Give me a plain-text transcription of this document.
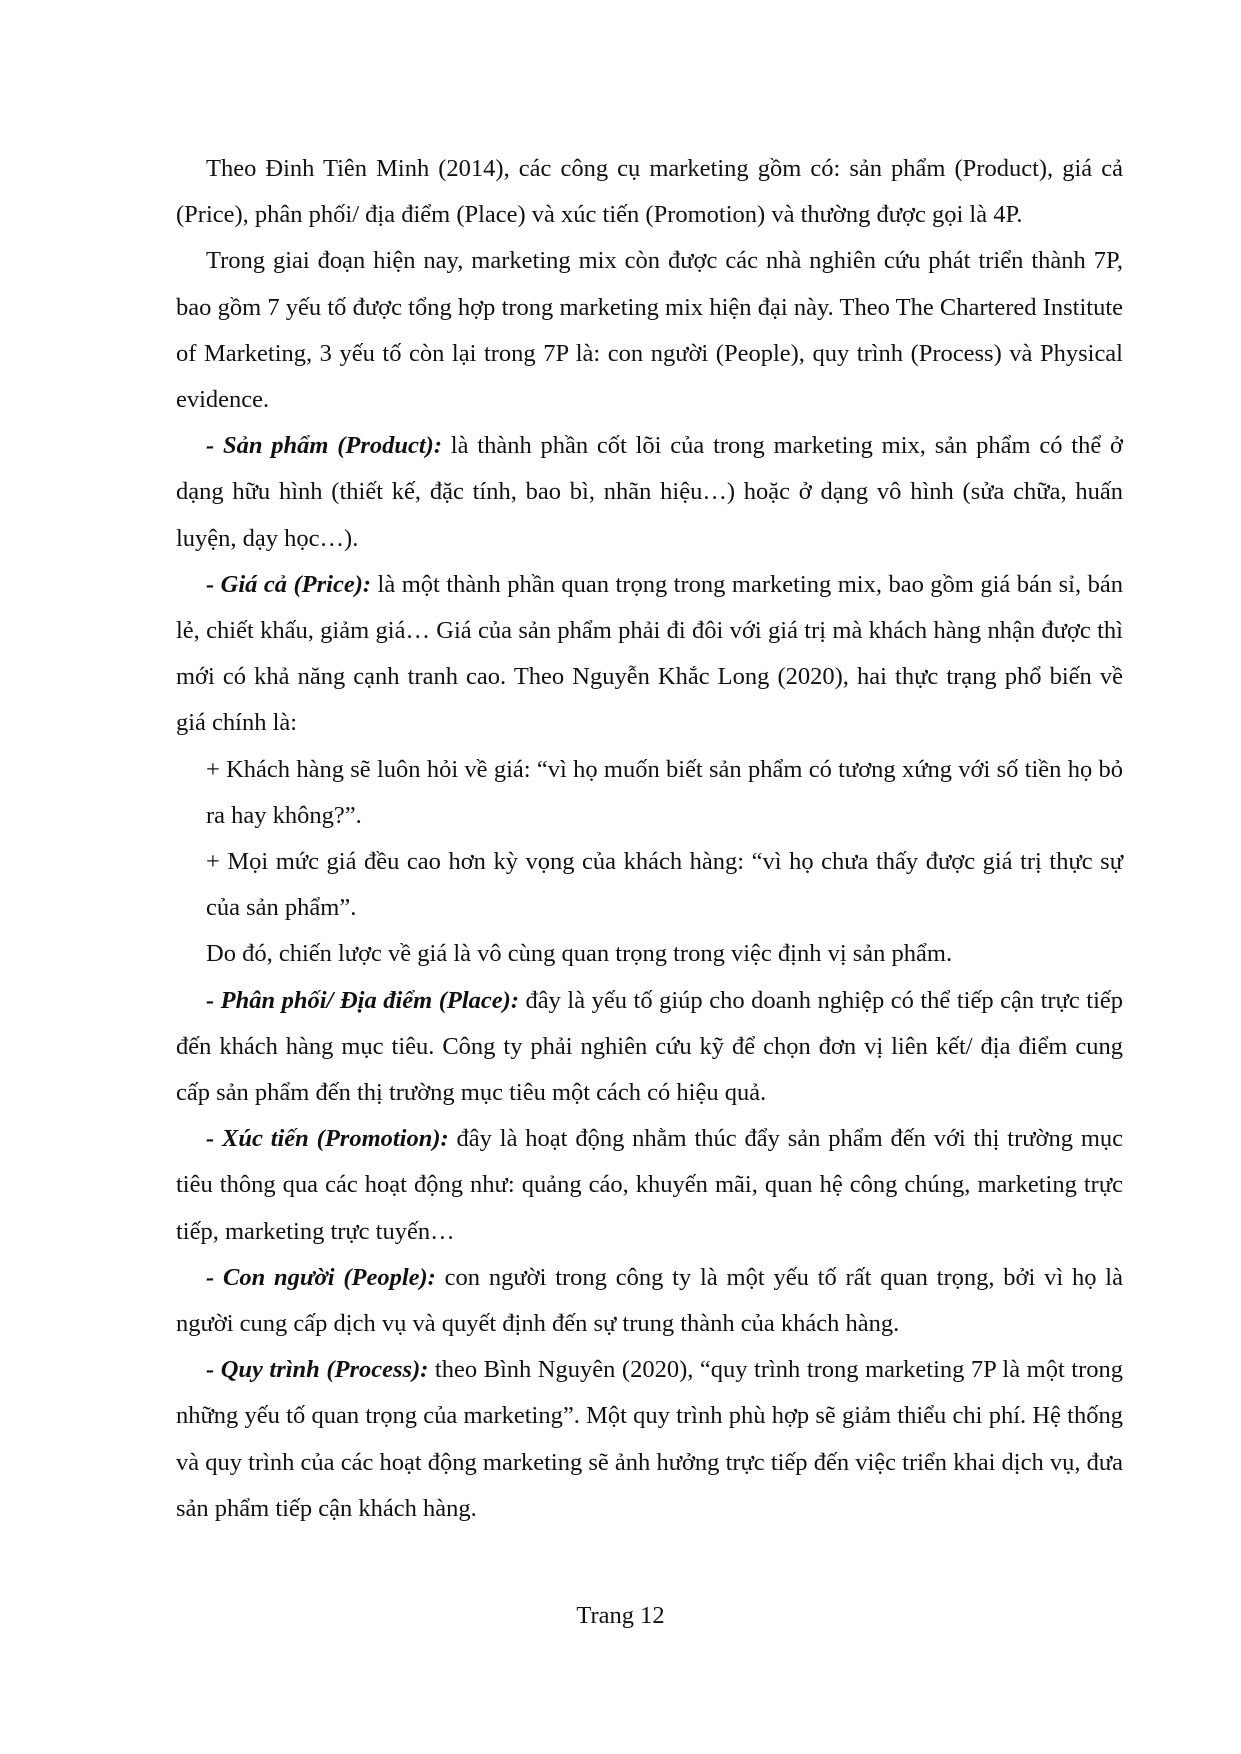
Theo Đinh Tiên Minh (2014), các công cụ marketing gồm có: sản phẩm (Product), giá cả (Price), phân phối/ địa điểm (Place) và xúc tiến (Promotion) và thường được gọi là 4P.

Trong giai đoạn hiện nay, marketing mix còn được các nhà nghiên cứu phát triển thành 7P, bao gồm 7 yếu tố được tổng hợp trong marketing mix hiện đại này. Theo The Chartered Institute of Marketing, 3 yếu tố còn lại trong 7P là: con người (People), quy trình (Process) và Physical evidence.

- Sản phẩm (Product): là thành phần cốt lõi của trong marketing mix, sản phẩm có thể ở dạng hữu hình (thiết kế, đặc tính, bao bì, nhãn hiệu…) hoặc ở dạng vô hình (sửa chữa, huấn luyện, dạy học…).

- Giá cả (Price): là một thành phần quan trọng trong marketing mix, bao gồm giá bán sỉ, bán lẻ, chiết khấu, giảm giá… Giá của sản phẩm phải đi đôi với giá trị mà khách hàng nhận được thì mới có khả năng cạnh tranh cao. Theo Nguyễn Khắc Long (2020), hai thực trạng phổ biến về giá chính là:

+ Khách hàng sẽ luôn hỏi về giá: “vì họ muốn biết sản phẩm có tương xứng với số tiền họ bỏ ra hay không?”.

+ Mọi mức giá đều cao hơn kỳ vọng của khách hàng: “vì họ chưa thấy được giá trị thực sự của sản phẩm”.

Do đó, chiến lược về giá là vô cùng quan trọng trong việc định vị sản phẩm.

- Phân phối/ Địa điểm (Place): đây là yếu tố giúp cho doanh nghiệp có thể tiếp cận trực tiếp đến khách hàng mục tiêu. Công ty phải nghiên cứu kỹ để chọn đơn vị liên kết/ địa điểm cung cấp sản phẩm đến thị trường mục tiêu một cách có hiệu quả.

- Xúc tiến (Promotion): đây là hoạt động nhằm thúc đẩy sản phẩm đến với thị trường mục tiêu thông qua các hoạt động như: quảng cáo, khuyến mãi, quan hệ công chúng, marketing trực tiếp, marketing trực tuyến…

- Con người (People): con người trong công ty là một yếu tố rất quan trọng, bởi vì họ là người cung cấp dịch vụ và quyết định đến sự trung thành của khách hàng.

- Quy trình (Process): theo Bình Nguyên (2020), “quy trình trong marketing 7P là một trong những yếu tố quan trọng của marketing”. Một quy trình phù hợp sẽ giảm thiểu chi phí. Hệ thống và quy trình của các hoạt động marketing sẽ ảnh hưởng trực tiếp đến việc triển khai dịch vụ, đưa sản phẩm tiếp cận khách hàng.

Trang 12
